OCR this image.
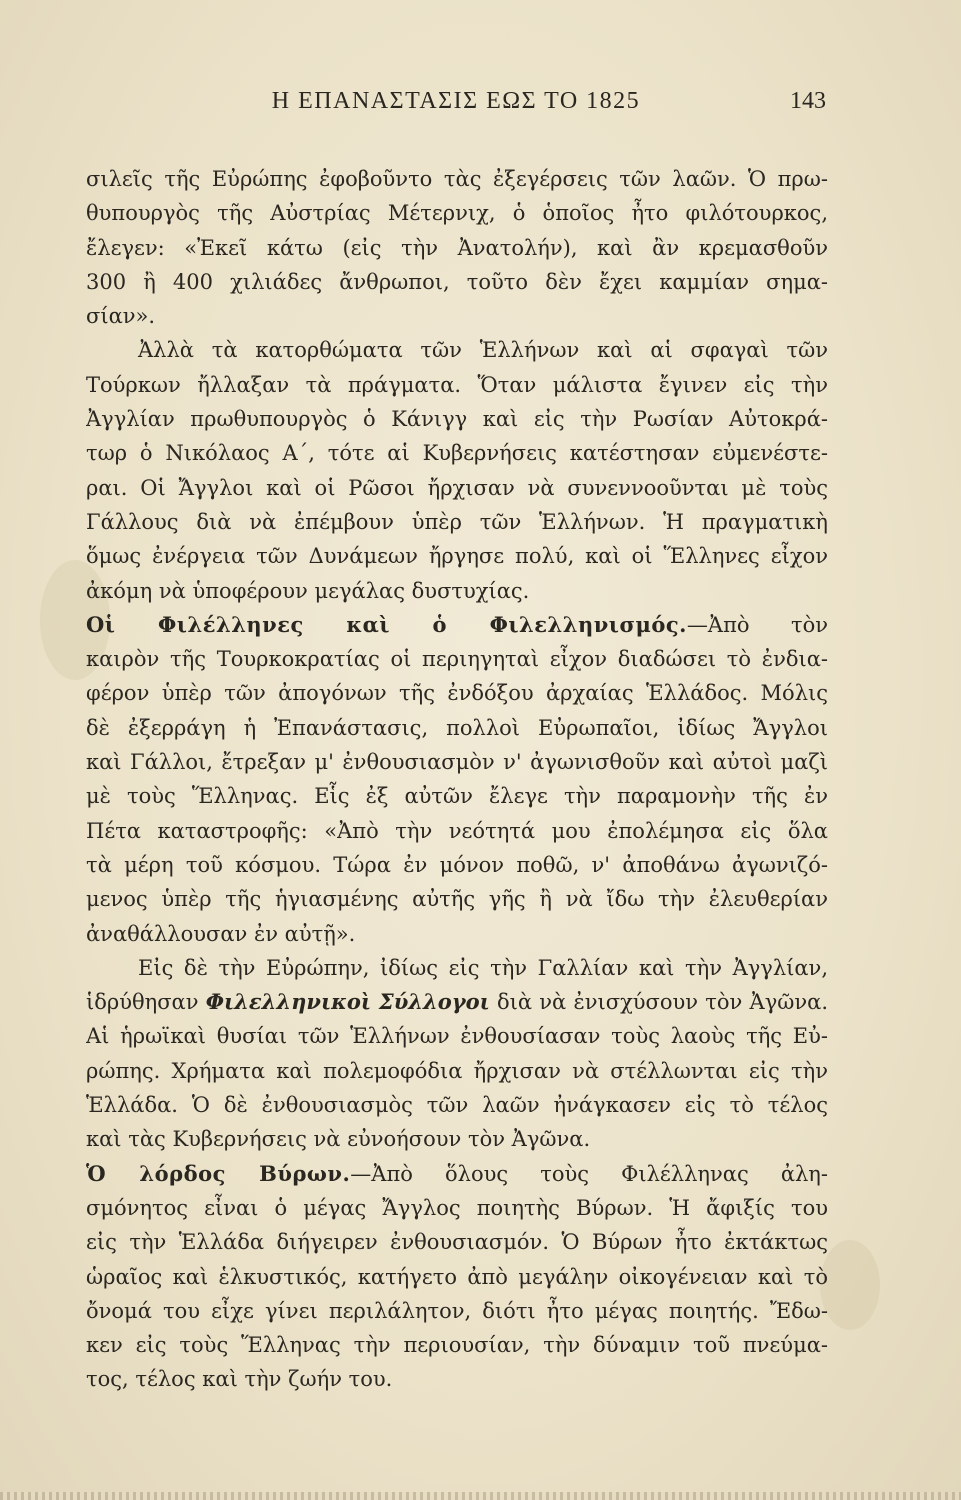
Η ΕΠΑΝΑΣΤΑΣΙΣ ΕΩΣ ΤΟ 1825	143
σιλεῖς τῆς Εὐρώπης ἐφοβοῦντο τὰς ἐξεγέρσεις τῶν λαῶν. Ὁ πρω-
θυπουργὸς τῆς Αὐστρίας Μέτερνιχ, ὁ ὁποῖος ἦτο φιλότουρκος,
ἔλεγεν: «Ἐκεῖ κάτω (εἰς τὴν Ἀνατολήν), καὶ ἂν κρεμασθοῦν
300 ἢ 400 χιλιάδες ἄνθρωποι, τοῦτο δὲν ἔχει καμμίαν σημα-
σίαν».
Ἀλλὰ τὰ κατορθώματα τῶν Ἑλλήνων καὶ αἱ σφαγαὶ τῶν
Τούρκων ἤλλαξαν τὰ πράγματα. Ὅταν μάλιστα ἔγινεν εἰς τὴν
Ἀγγλίαν πρωθυπουργὸς ὁ Κάνιγγ καὶ εἰς τὴν Ρωσίαν Αὐτοκρά-
τωρ ὁ Νικόλαος Α΄, τότε αἱ Κυβερνήσεις κατέστησαν εὐμενέστε-
ραι. Οἱ Ἄγγλοι καὶ οἱ Ρῶσοι ἤρχισαν νὰ συνεννοοῦνται μὲ τοὺς
Γάλλους διὰ νὰ ἐπέμβουν ὑπὲρ τῶν Ἑλλήνων. Ἡ πραγματικὴ
ὅμως ἐνέργεια τῶν Δυνάμεων ἤργησε πολύ, καὶ οἱ Ἕλληνες εἶχον
ἀκόμη νὰ ὑποφέρουν μεγάλας δυστυχίας.
Οἱ Φιλέλληνες καὶ ὁ Φιλελληνισμός.—Ἀπὸ τὸν
καιρὸν τῆς Τουρκοκρατίας οἱ περιηγηταὶ εἶχον διαδώσει τὸ ἐνδια-
φέρον ὑπὲρ τῶν ἀπογόνων τῆς ἐνδόξου ἀρχαίας Ἑλλάδος. Μόλις
δὲ ἐξερράγη ἡ Ἐπανάστασις, πολλοὶ Εὐρωπαῖοι, ἰδίως Ἄγγλοι
καὶ Γάλλοι, ἔτρεξαν μ' ἐνθουσιασμὸν ν' ἀγωνισθοῦν καὶ αὐτοὶ μαζὶ
μὲ τοὺς Ἕλληνας. Εἷς ἐξ αὐτῶν ἔλεγε τὴν παραμονὴν τῆς ἐν
Πέτα καταστροφῆς: «Ἀπὸ τὴν νεότητά μου ἐπολέμησα εἰς ὅλα
τὰ μέρη τοῦ κόσμου. Τώρα ἐν μόνον ποθῶ, ν' ἀποθάνω ἀγωνιζό-
μενος ὑπὲρ τῆς ἡγιασμένης αὐτῆς γῆς ἢ νὰ ἴδω τὴν ἐλευθερίαν
ἀναθάλλουσαν ἐν αὐτῇ».
Εἰς δὲ τὴν Εὐρώπην, ἰδίως εἰς τὴν Γαλλίαν καὶ τὴν Ἀγγλίαν,
ἱδρύθησαν Φιλελληνικοὶ Σύλλογοι διὰ νὰ ἐνισχύσουν τὸν Ἀγῶνα.
Αἱ ἡρωϊκαὶ θυσίαι τῶν Ἑλλήνων ἐνθουσίασαν τοὺς λαοὺς τῆς Εὐ-
ρώπης. Χρήματα καὶ πολεμοφόδια ἤρχισαν νὰ στέλλωνται εἰς τὴν
Ἑλλάδα. Ὁ δὲ ἐνθουσιασμὸς τῶν λαῶν ἠνάγκασεν εἰς τὸ τέλος
καὶ τὰς Κυβερνήσεις νὰ εὐνοήσουν τὸν Ἀγῶνα.
Ὁ λόρδος Βύρων.—Ἀπὸ ὅλους τοὺς Φιλέλληνας ἀλη-
σμόνητος εἶναι ὁ μέγας Ἄγγλος ποιητὴς Βύρων. Ἡ ἄφιξίς του
εἰς τὴν Ἑλλάδα διήγειρεν ἐνθουσιασμόν. Ὁ Βύρων ἦτο ἐκτάκτως
ὡραῖος καὶ ἑλκυστικός, κατήγετο ἀπὸ μεγάλην οἰκογένειαν καὶ τὸ
ὄνομά του εἶχε γίνει περιλάλητον, διότι ἦτο μέγας ποιητής. Ἔδω-
κεν εἰς τοὺς Ἕλληνας τὴν περιουσίαν, τὴν δύναμιν τοῦ πνεύμα-
τος, τέλος καὶ τὴν ζωήν του.
